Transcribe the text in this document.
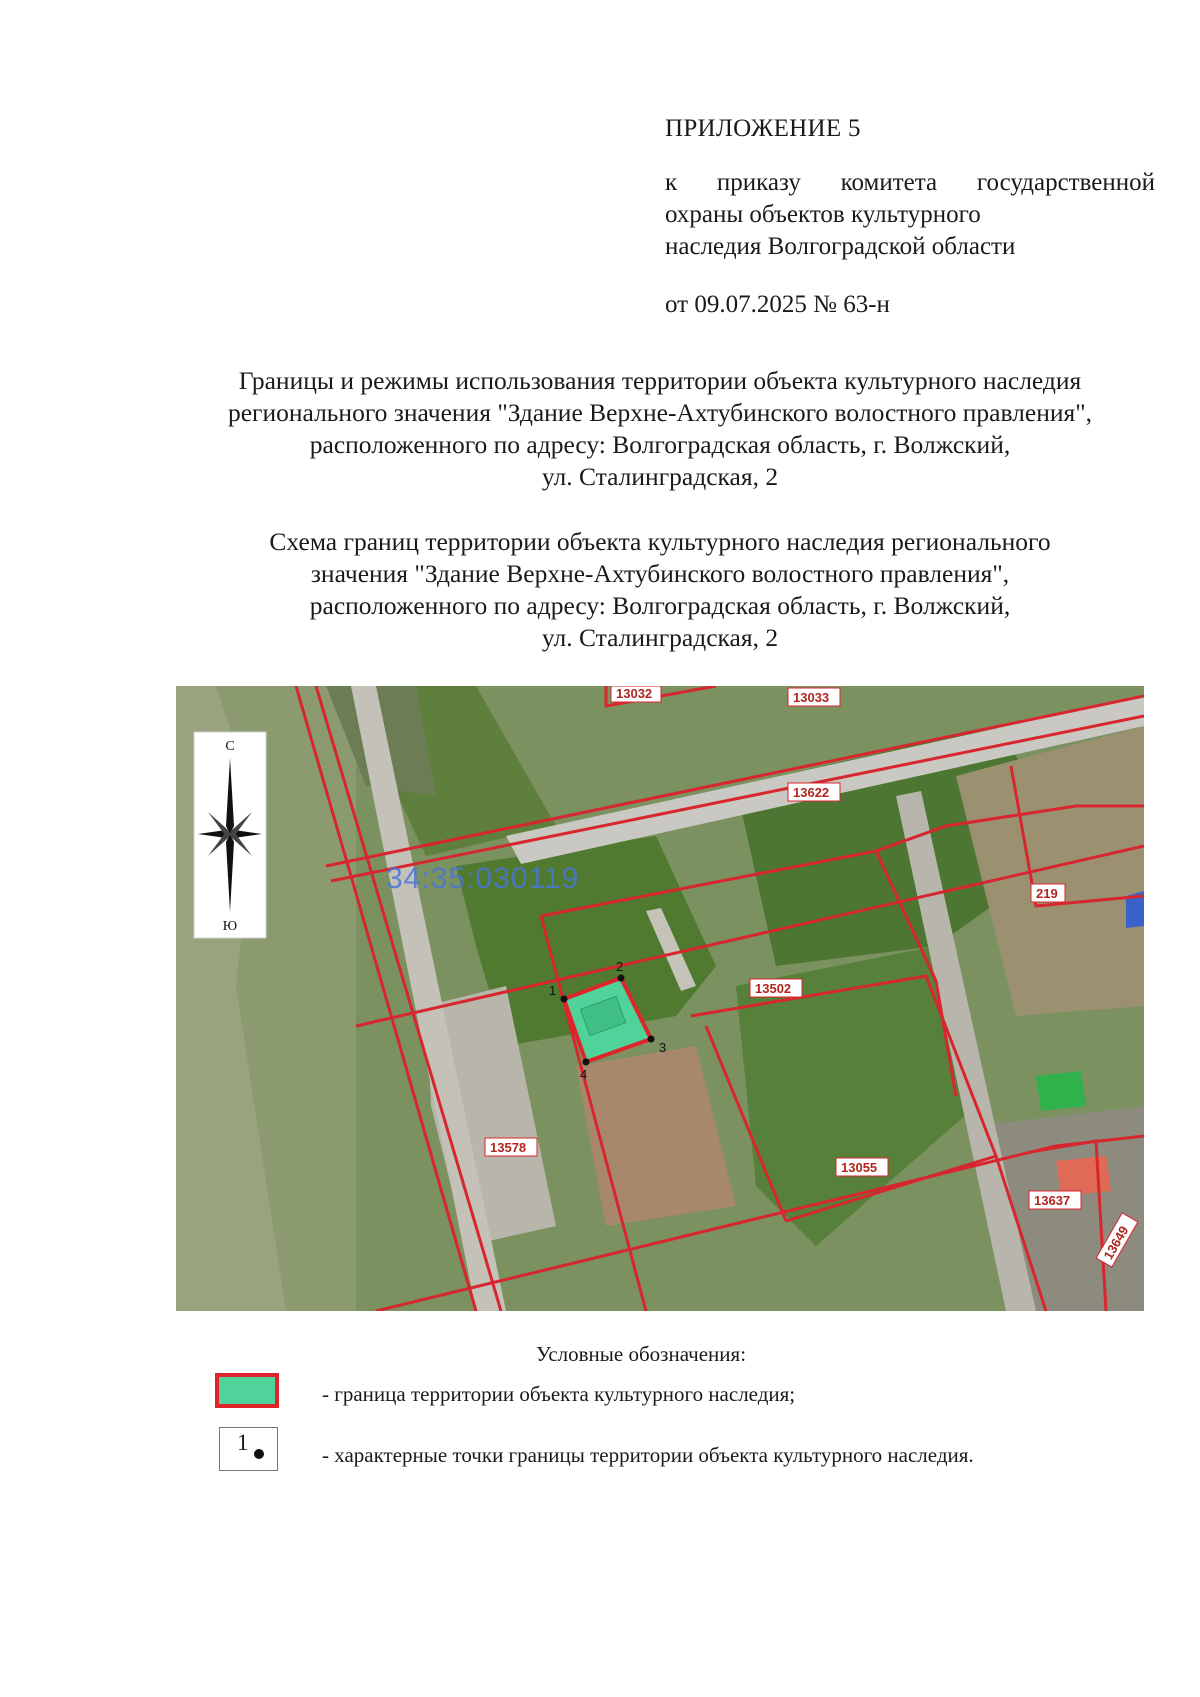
ПРИЛОЖЕНИЕ 5
к приказу комитета государственной
охраны объектов культурного
наследия Волгоградской области
от 09.07.2025 № 63-н
Границы и режимы использования территории объекта культурного наследия
регионального значения "Здание Верхне-Ахтубинского волостного правления",
расположенного по адресу: Волгоградская область, г. Волжский,
ул. Сталинградская, 2
Схема границ территории объекта культурного наследия регионального
значения "Здание Верхне-Ахтубинского волостного правления",
расположенного по адресу: Волгоградская область, г. Волжский,
ул. Сталинградская, 2
34:35:030119
13032	13033
13622
219
13502
13578
13055
13637
13649
1
2
3
4
С
Ю
Условные обозначения:
- граница территории объекта культурного наследия;
1	- характерные точки границы территории объекта культурного наследия.
